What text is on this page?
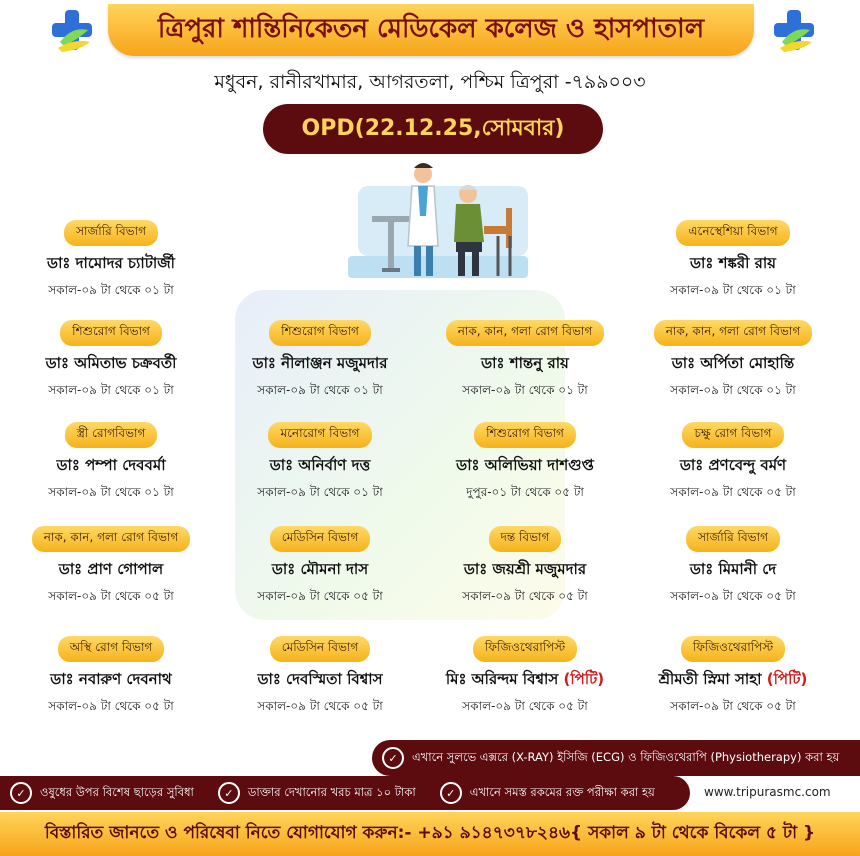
ত্রিপুরা শান্তিনিকেতন মেডিকেল কলেজ ও হাসপাতাল
মধুবন, রানীরখামার, আগরতলা, পশ্চিম ত্রিপুরা -৭৯৯০০৩
OPD(22.12.25,সোমবার)
সার্জারি বিভাগ
ডাঃ দামোদর চ্যাটার্জী
সকাল-০৯ টা থেকে ০১ টা
এনেস্থেশিয়া বিভাগ
ডাঃ শঙ্করী রায়
সকাল-০৯ টা থেকে ০১ টা
শিশুরোগ বিভাগ
ডাঃ অমিতাভ চক্রবর্তী
সকাল-০৯ টা থেকে ০১ টা
শিশুরোগ বিভাগ
ডাঃ নীলাঞ্জন মজুমদার
সকাল-০৯ টা থেকে ০১ টা
নাক, কান, গলা রোগ বিভাগ
ডাঃ শান্তনু রায়
সকাল-০৯ টা থেকে ০১ টা
নাক, কান, গলা রোগ বিভাগ
ডাঃ অর্পিতা মোহান্তি
সকাল-০৯ টা থেকে ০১ টা
স্ত্রী রোগবিভাগ
ডাঃ পম্পা দেববর্মা
সকাল-০৯ টা থেকে ০১ টা
মনোরোগ বিভাগ
ডাঃ অনির্বাণ দত্ত
সকাল-০৯ টা থেকে ০১ টা
শিশুরোগ বিভাগ
ডাঃ অলিভিয়া দাশগুপ্ত
দুপুর-০১ টা থেকে ০৫ টা
চক্ষু রোগ বিভাগ
ডাঃ প্রণবেন্দু বর্মণ
সকাল-০৯ টা থেকে ০৫ টা
নাক, কান, গলা রোগ বিভাগ
ডাঃ প্রাণ গোপাল
সকাল-০৯ টা থেকে ০৫ টা
মেডিসিন বিভাগ
ডাঃ মৌমনা দাস
সকাল-০৯ টা থেকে ০৫ টা
দন্ত বিভাগ
ডাঃ জয়শ্রী মজুমদার
সকাল-০৯ টা থেকে ০৫ টা
সার্জারি বিভাগ
ডাঃ মিমানী দে
সকাল-০৯ টা থেকে ০৫ টা
অস্থি রোগ বিভাগ
ডাঃ নবারুণ দেবনাথ
সকাল-০৯ টা থেকে ০৫ টা
মেডিসিন বিভাগ
ডাঃ দেবস্মিতা বিশ্বাস
সকাল-০৯ টা থেকে ০৫ টা
ফিজিওথেরাপিস্ট
মিঃ অরিন্দম বিশ্বাস (পিটি)
সকাল-০৯ টা থেকে ০৫ টা
ফিজিওথেরাপিস্ট
শ্রীমতী স্নিমা সাহা (পিটি)
সকাল-০৯ টা থেকে ০৫ টা
✓	এখানে সুলভে এক্সরে (X-RAY) ইসিজি (ECG) ও ফিজিওথেরাপি (Physiotherapy) করা হয়
✓	ওষুধের উপর বিশেষ ছাড়ের সুবিধা	✓	ডাক্তার দেখানোর খরচ মাত্র ১০ টাকা	✓	এখানে সমস্ত রকমের রক্ত পরীক্ষা করা হয়	www.tripurasmc.com
বিস্তারিত জানতে ও পরিষেবা নিতে যোগাযোগ করুন:- +৯১ ৯১৪৭৩৭৮২৪৬{ সকাল ৯ টা থেকে বিকেল ৫ টা }
